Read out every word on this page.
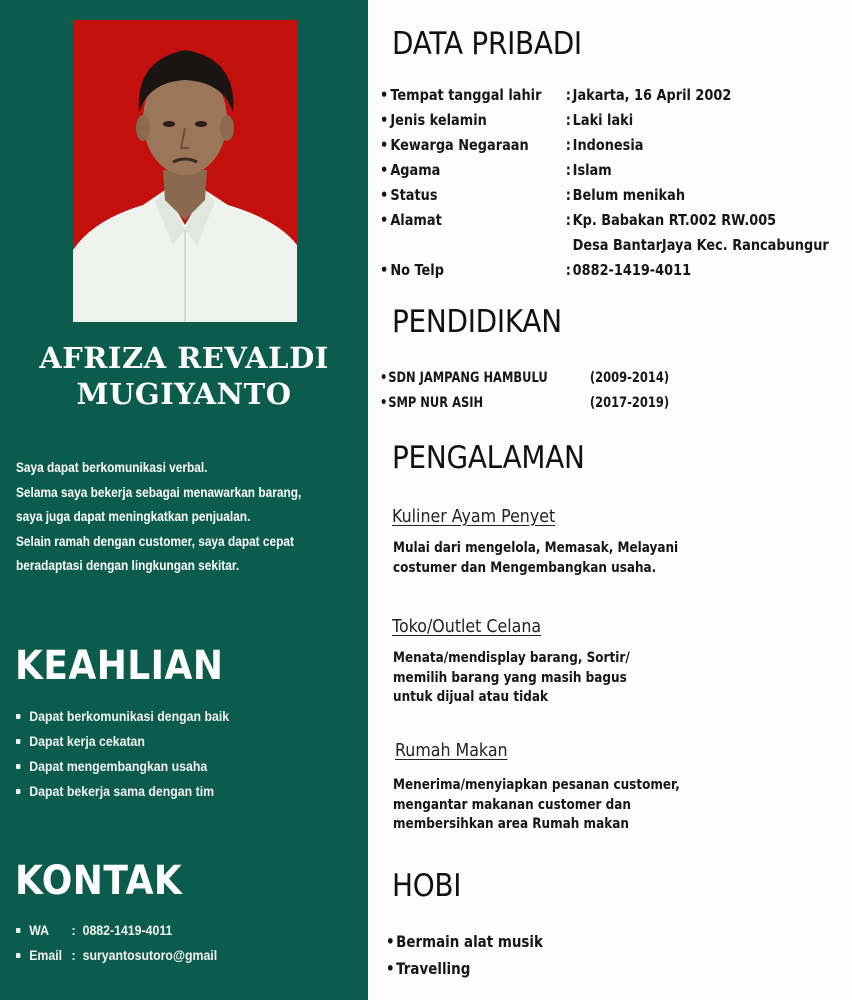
AFRIZA REVALDI
MUGIYANTO
Saya dapat berkomunikasi verbal.
Selama saya bekerja sebagai menawarkan barang,
saya juga dapat meningkatkan penjualan.
Selain ramah dengan customer, saya dapat cepat
beradaptasi dengan lingkungan sekitar.
KEAHLIAN
Dapat berkomunikasi dengan baik
Dapat kerja cekatan
Dapat mengembangkan usaha
Dapat bekerja sama dengan tim
KONTAK
WA	: 0882-1419-4011
Email : suryantosutoro@gmail
DATA PRIBADI
• Tempat tanggal lahir	: Jakarta, 16 April 2002
• Jenis kelamin	: Laki laki
• Kewarga Negaraan	: Indonesia
• Agama	: Islam
• Status	: Belum menikah
• Alamat	: Kp. Babakan RT.002 RW.005
Desa BantarJaya Kec. Rancabungur
• No Telp	: 0882-1419-4011
PENDIDIKAN
• SDN JAMPANG HAMBULU	(2009-2014)
• SMP NUR ASIH	(2017-2019)
PENGALAMAN
Kuliner Ayam Penyet
Mulai dari mengelola, Memasak, Melayani
costumer dan Mengembangkan usaha.
Toko/Outlet Celana
Menata/mendisplay barang, Sortir/
memilih barang yang masih bagus
untuk dijual atau tidak
Rumah Makan
Menerima/menyiapkan pesanan customer,
mengantar makanan customer dan
membersihkan area Rumah makan
HOBI
• Bermain alat musik
• Travelling
